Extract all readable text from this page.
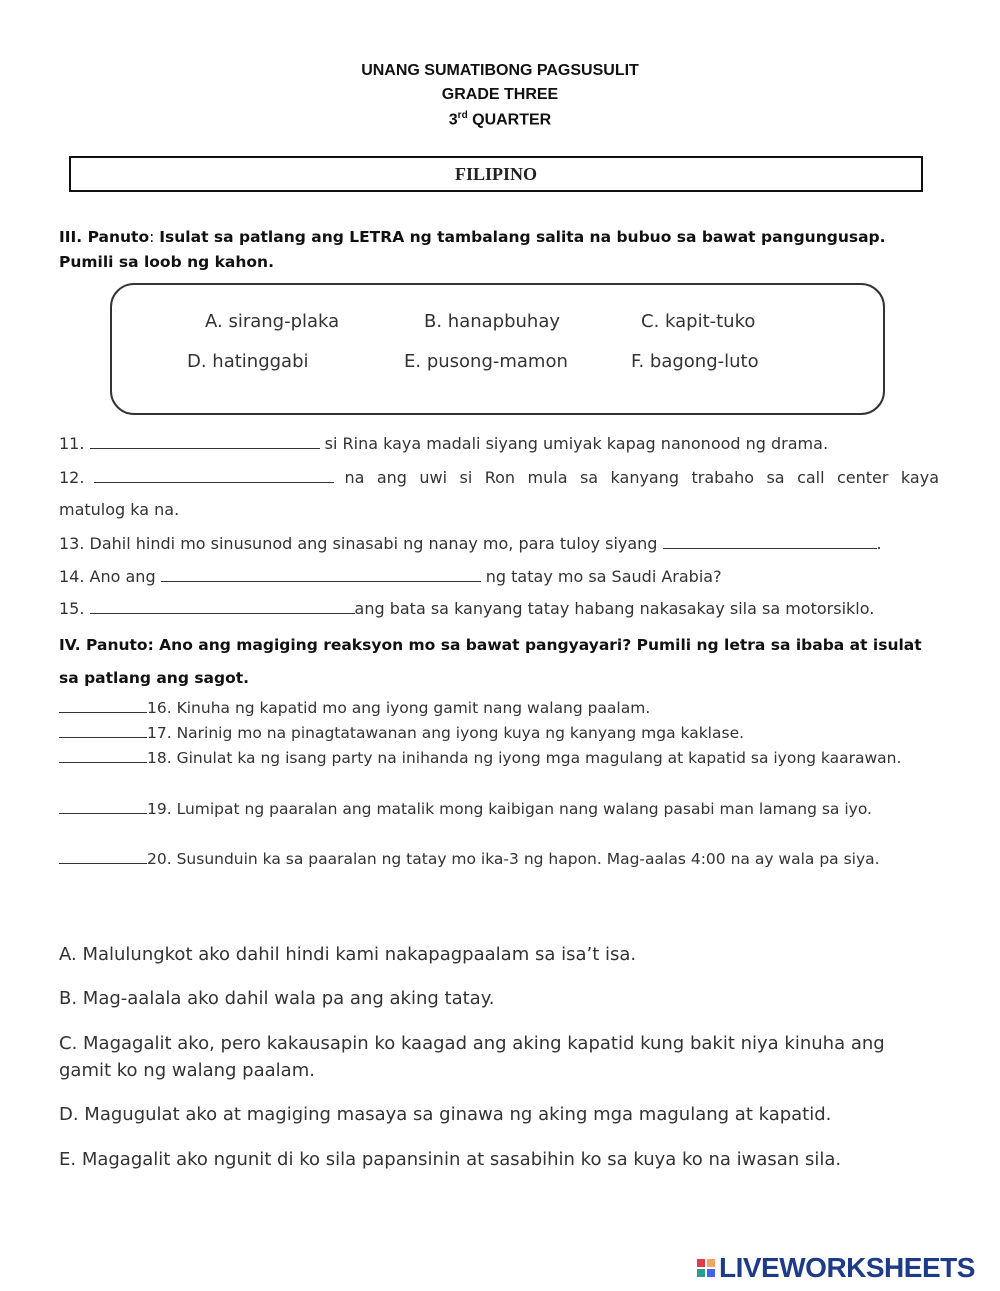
UNANG SUMATIBONG PAGSUSULIT
GRADE THREE
3rd QUARTER
FILIPINO
III. Panuto: Isulat sa patlang ang LETRA ng tambalang salita na bubuo sa bawat pangungusap. Pumili sa loob ng kahon.
A. sirang-plaka	B. hanapbuhay	C. kapit-tuko
D. hatinggabi	E. pusong-mamon	F. bagong-luto
11.	si Rina kaya madali siyang umiyak kapag nanonood ng drama.
12.	na ang uwi si Ron mula sa kanyang trabaho sa call center kaya
matulog ka na.
13. Dahil hindi mo sinusunod ang sinasabi ng nanay mo, para tuloy siyang	.
14. Ano ang	ng tatay mo sa Saudi Arabia?
15.	ang bata sa kanyang tatay habang nakasakay sila sa motorsiklo.
IV. Panuto: Ano ang magiging reaksyon mo sa bawat pangyayari? Pumili ng letra sa ibaba at isulat sa patlang ang sagot.
16. Kinuha ng kapatid mo ang iyong gamit nang walang paalam.
17. Narinig mo na pinagtatawanan ang iyong kuya ng kanyang mga kaklase.
18. Ginulat ka ng isang party na inihanda ng iyong mga magulang at kapatid sa iyong kaarawan.
19. Lumipat ng paaralan ang matalik mong kaibigan nang walang pasabi man lamang sa iyo.
20. Susunduin ka sa paaralan ng tatay mo ika-3 ng hapon. Mag-aalas 4:00 na ay wala pa siya.
A. Malulungkot ako dahil hindi kami nakapagpaalam sa isa’t isa.
B. Mag-aalala ako dahil wala pa ang aking tatay.
C. Magagalit ako, pero kakausapin ko kaagad ang aking kapatid kung bakit niya kinuha ang gamit ko ng walang paalam.
D. Magugulat ako at magiging masaya sa ginawa ng aking mga magulang at kapatid.
E. Magagalit ako ngunit di ko sila papansinin at sasabihin ko sa kuya ko na iwasan sila.
LIVEWORKSHEETS
